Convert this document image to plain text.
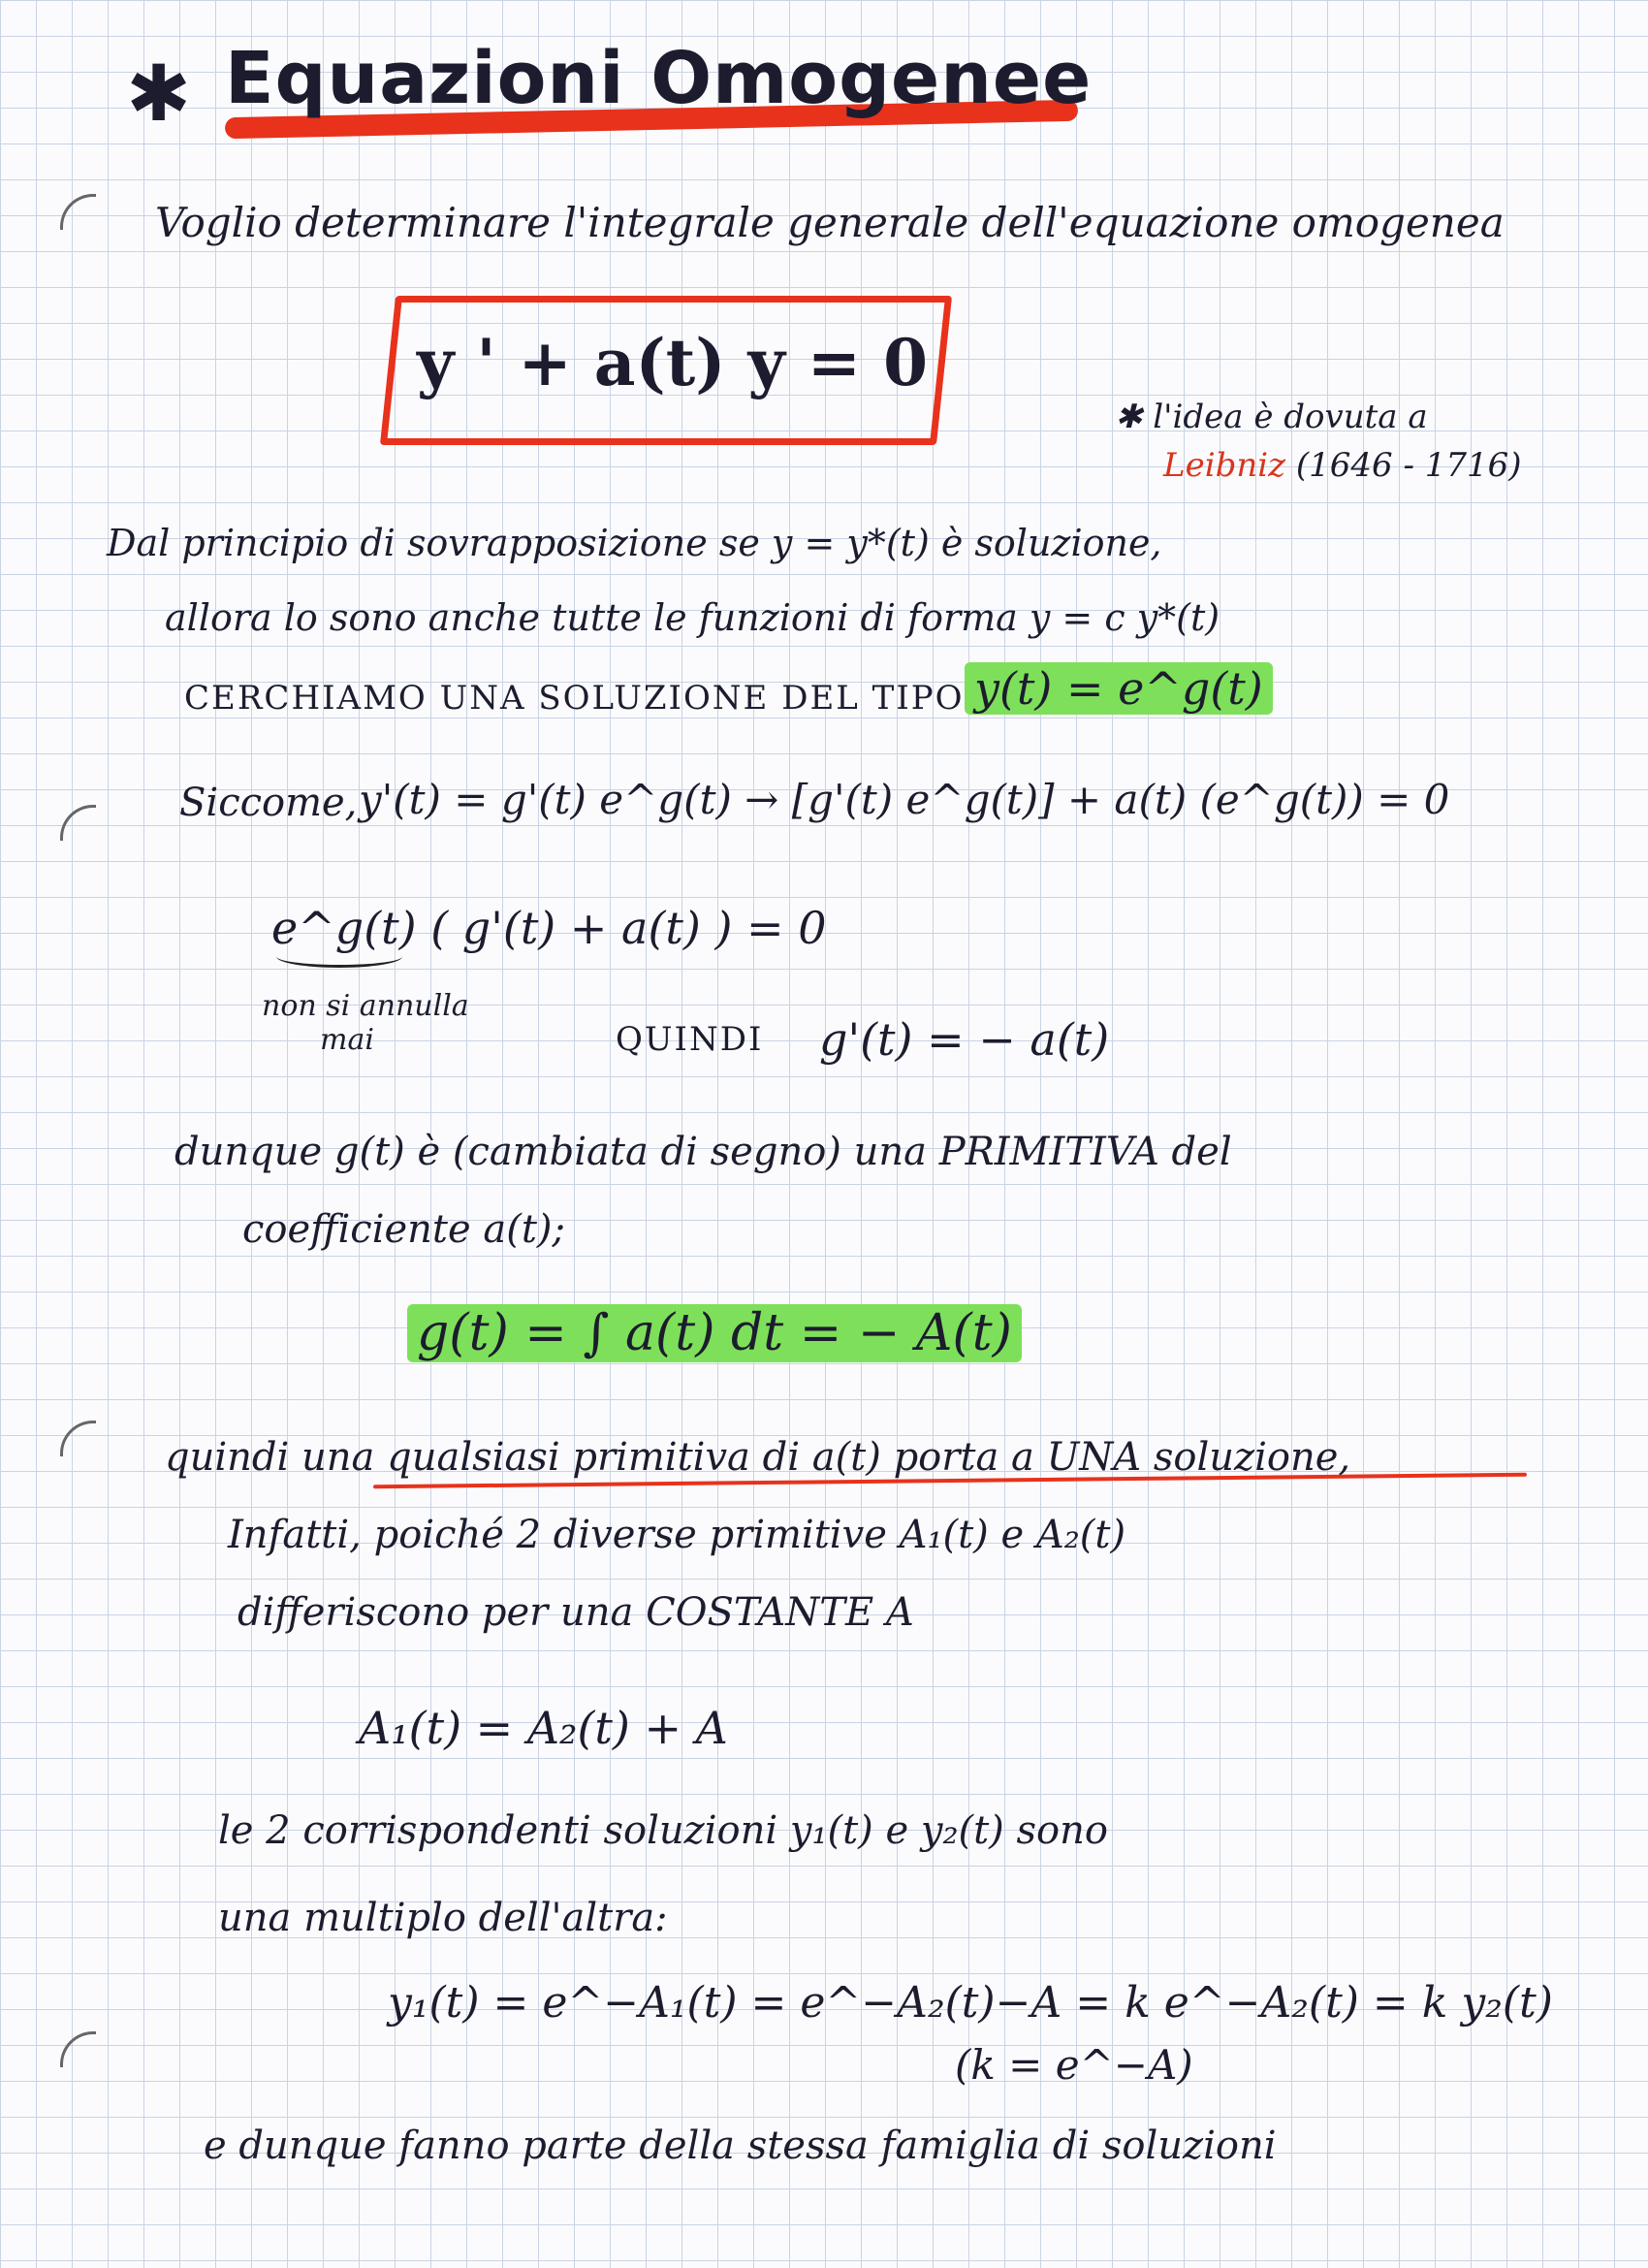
✱ Equazioni Omogenee
Voglio determinare l'integrale generale dell'equazione omogenea
y ' + a(t) y = 0
✱ l'idea è dovuta a
Leibniz (1646 - 1716)
Dal principio di sovrapposizione se y = y*(t) è soluzione,
allora lo sono anche tutte le funzioni di forma y = c y*(t)
CERCHIAMO UNA SOLUZIONE DEL TIPO y(t) = e^g(t)
Siccome, y'(t) = g'(t) e^g(t) → [g'(t) e^g(t)] + a(t) (e^g(t)) = 0
e^g(t) ( g'(t) + a(t) ) = 0
non si annulla
mai	QUINDI g'(t) = − a(t)
dunque g(t) è (cambiata di segno) una PRIMITIVA del
coefficiente a(t);
g(t) = ∫ a(t) dt = − A(t)
quindi una qualsiasi primitiva di a(t) porta a UNA soluzione,
Infatti, poiché 2 diverse primitive A₁(t) e A₂(t)
differiscono per una COSTANTE A
A₁(t) = A₂(t) + A
le 2 corrispondenti soluzioni y₁(t) e y₂(t) sono
una multiplo dell'altra:
y₁(t) = e^−A₁(t) = e^−A₂(t)−A = k e^−A₂(t) = k y₂(t)
(k = e^−A)
e dunque fanno parte della stessa famiglia di soluzioni
